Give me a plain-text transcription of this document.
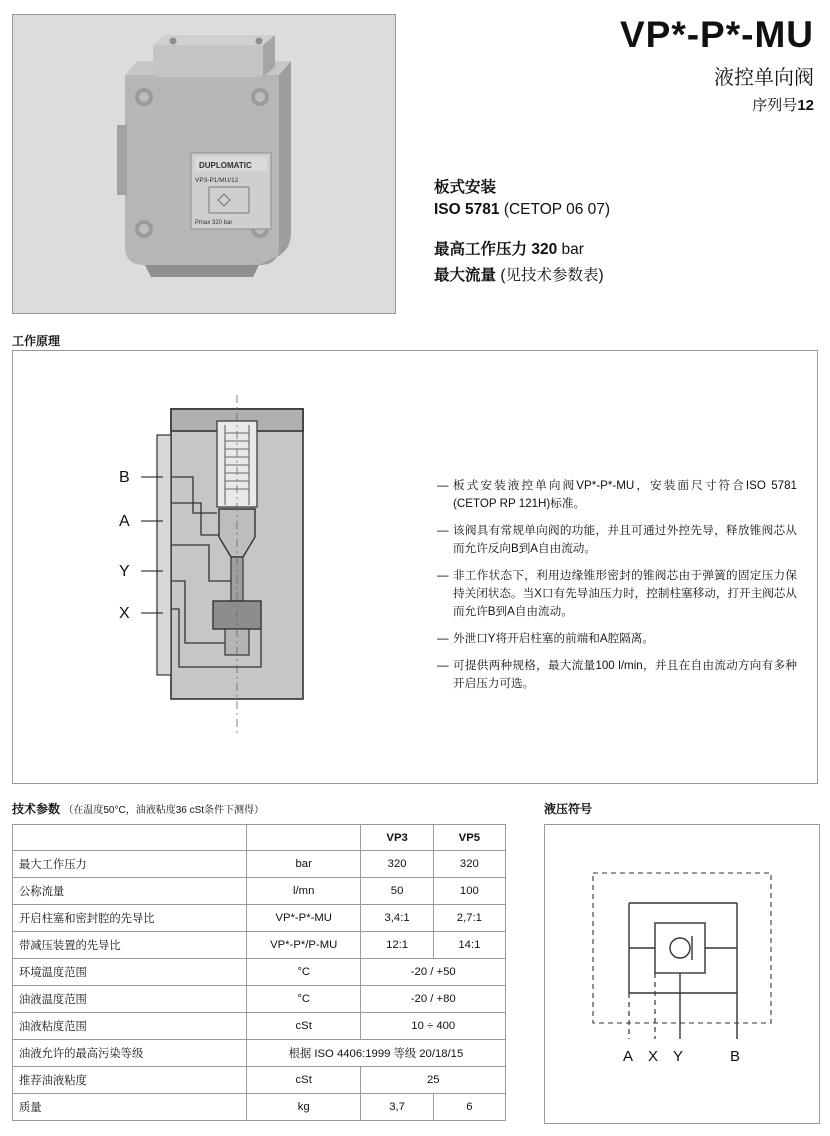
DUPLOMATIC
VP3-P1/MU/12
Pmax 320 bar
VP*-P*-MU
液控单向阀
序列号12
板式安装
ISO 5781 (CETOP 06 07)
最高工作压力 320 bar
最大流量 (见技术参数表)
工作原理
B
A
Y
X
— 板式安装液控单向阀VP*-P*-MU，安装面尺寸符合ISO 5781 (CETOP RP 121H)标准。
— 该阀具有常规单向阀的功能，并且可通过外控先导，释放锥阀芯从而允许反向B到A自由流动。
— 非工作状态下，利用边缘锥形密封的锥阀芯由于弹簧的固定压力保持关闭状态。当X口有先导油压力时，控制柱塞移动，打开主阀芯从而允许B到A自由流动。
— 外泄口Y将开启柱塞的前端和A腔隔离。
— 可提供两种规格，最大流量100 l/min，并且在自由流动方向有多种开启压力可选。
技术参数 （在温度50°C，油液粘度36 cSt条件下测得）
		VP3	VP5
最大工作压力	bar	320	320
公称流量	l/mn	50	100
开启柱塞和密封腔的先导比	VP*-P*-MU	3,4:1	2,7:1
带减压装置的先导比	VP*-P*/P-MU	12:1	14:1
环境温度范围	°C	-20 / +50	
油液温度范围	°C	-20 / +80	
油液粘度范围	cSt	10 ÷ 400	
油液允许的最高污染等级	根据 ISO 4406:1999 等级 20/18/15		
推荐油液粘度	cSt	25	
质量	kg	3,7	6
液压符号
A X Y	B
